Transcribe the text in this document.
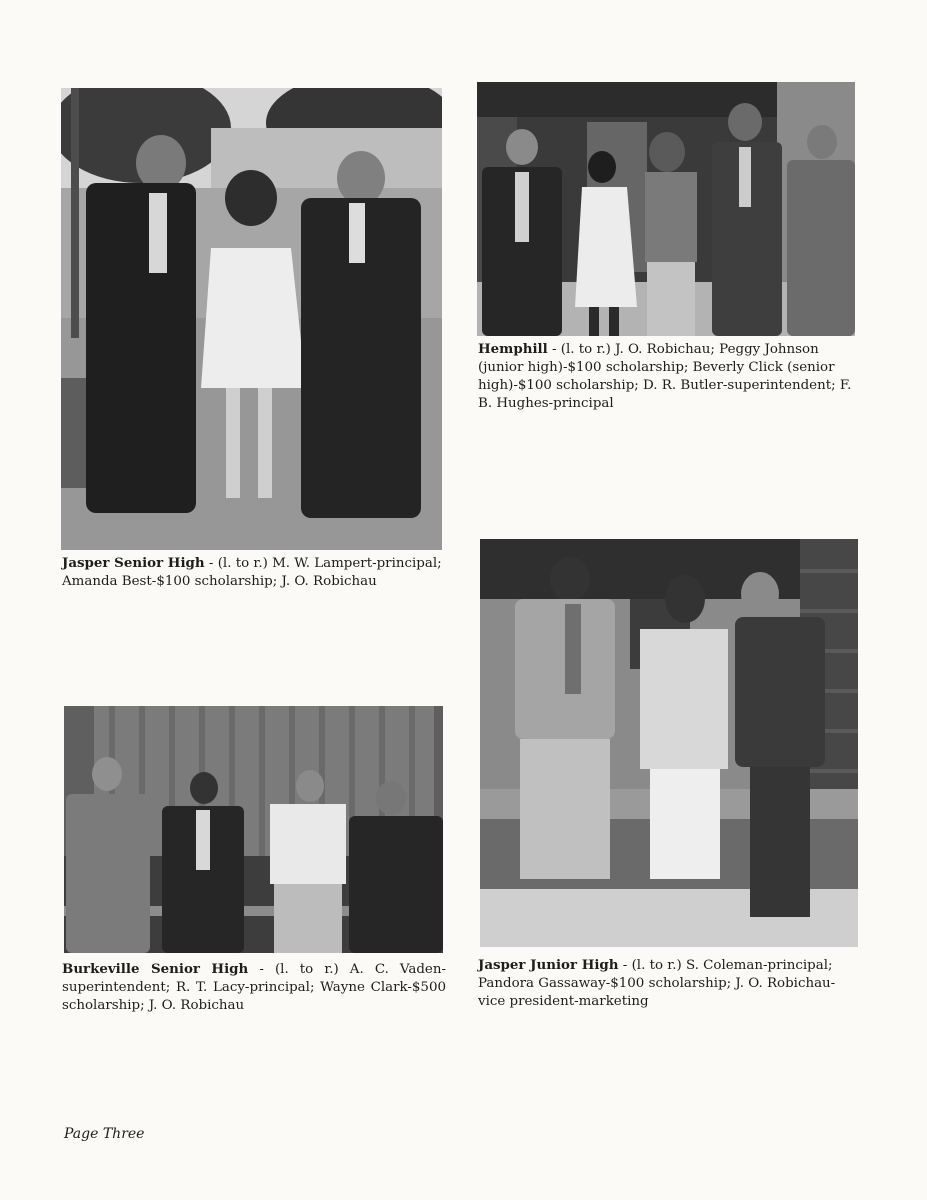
Jasper Senior High - (l. to r.) M. W. Lampert-principal; Amanda Best-$100 scholarship; J. O. Robichau

Hemphill - (l. to r.) J. O. Robichau; Peggy Johnson (junior high)-$100 scholarship; Beverly Click (senior high)-$100 scholarship; D. R. Butler-superintendent; F. B. Hughes-principal

Burkeville Senior High - (l. to r.) A. C. Vaden-superintendent; R. T. Lacy-principal; Wayne Clark-$500 scholarship; J. O. Robichau

Jasper Junior High - (l. to r.) S. Coleman-principal; Pandora Gassaway-$100 scholarship; J. O. Robichau-vice president-marketing

Page Three
